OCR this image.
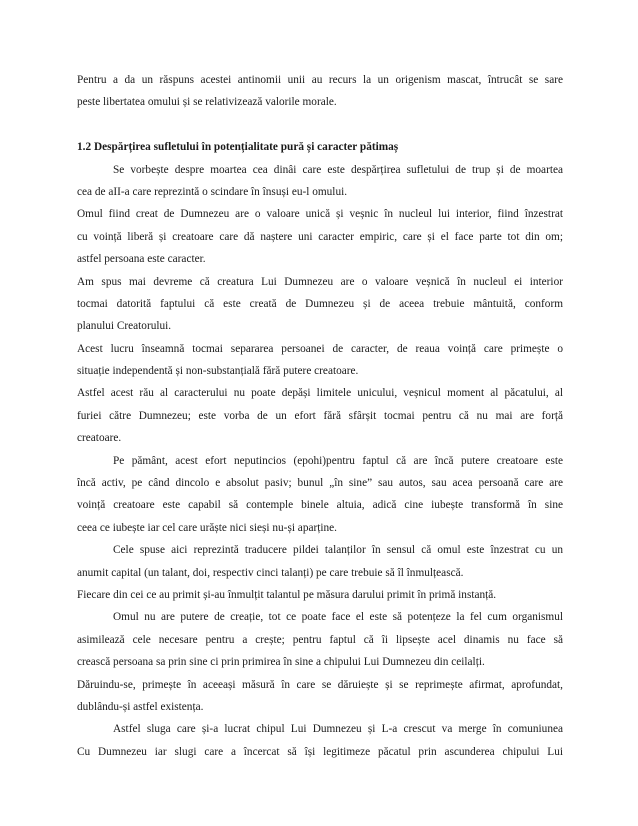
Pentru a da un răspuns acestei antinomii unii au recurs la un origenism mascat, întrucât se sare
peste libertatea omului și se relativizează valorile morale.
1.2 Despărțirea sufletului în potențialitate pură și caracter pătimaș
Se vorbește despre moartea cea dinâi care este despărțirea sufletului de trup și de moartea
cea de aII-a care reprezintă o scindare în însuși eu-l omului.
Omul fiind creat de Dumnezeu are o valoare unică și veșnic în nucleul lui interior, fiind înzestrat
cu voință liberă și creatoare care dă naștere uni caracter empiric, care și el face parte tot din om;
astfel persoana este caracter.
Am spus mai devreme că creatura Lui Dumnezeu are o valoare veșnică în nucleul ei interior
tocmai datorită faptului că este creată de Dumnezeu și de aceea trebuie mântuită, conform
planului Creatorului.
Acest lucru înseamnă tocmai separarea persoanei de caracter, de reaua voință care primește o
situație independentă și non-substanțială fără putere creatoare.
Astfel acest rău al caracterului nu poate depăși limitele unicului, veșnicul moment al păcatului, al
furiei către Dumnezeu; este vorba de un efort fără sfârșit tocmai pentru că nu mai are forță
creatoare.
Pe pământ, acest efort neputincios (epohi)pentru faptul că are încă putere creatoare este
încă activ, pe când dincolo e absolut pasiv; bunul „în sine” sau autos, sau acea persoană care are
voință creatoare este capabil să contemple binele altuia, adică cine iubește transformă în sine
ceea ce iubește iar cel care urăște nici sieși nu-și aparține.
Cele spuse aici reprezintă traducere pildei talanților în sensul că omul este înzestrat cu un
anumit capital (un talant, doi, respectiv cinci talanți) pe care trebuie să îl înmulțească.
Fiecare din cei ce au primit și-au înmulțit talantul pe măsura darului primit în primă instanță.
Omul nu are putere de creație, tot ce poate face el este să potențeze la fel cum organismul
asimilează cele necesare pentru a crește; pentru faptul că îi lipsește acel dinamis nu face să
crească persoana sa prin sine ci prin primirea în sine a chipului Lui Dumnezeu din ceilalți.
Dăruindu-se, primește în aceeași măsură în care se dăruiește și se reprimește afirmat, aprofundat,
dublându-și astfel existența.
Astfel sluga care și-a lucrat chipul Lui Dumnezeu și L-a crescut va merge în comuniunea
Cu Dumnezeu iar slugi care a încercat să își legitimeze păcatul prin ascunderea chipului Lui
